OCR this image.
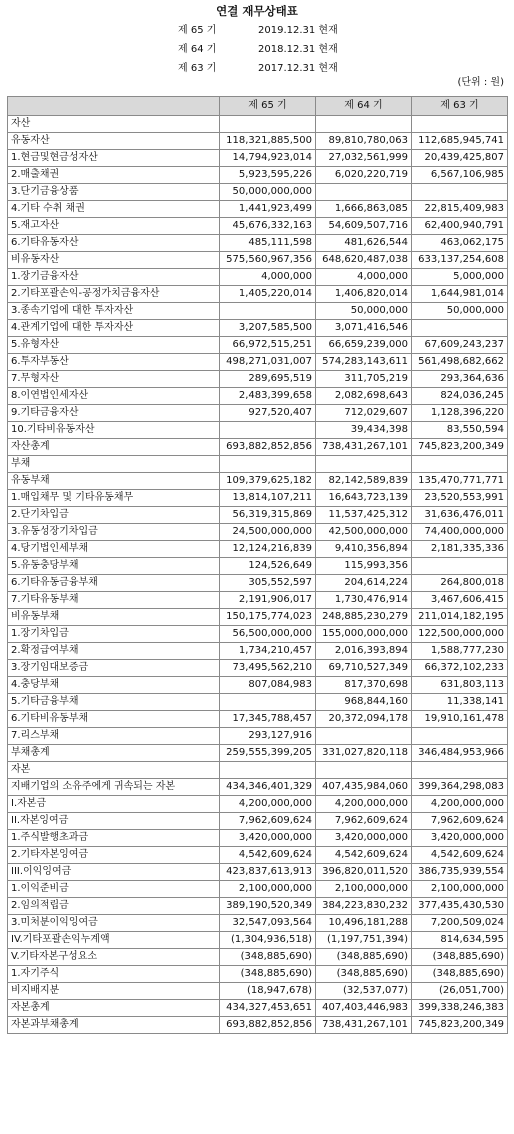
연결 재무상태표
제 65 기	2019.12.31 현재
제 64 기	2018.12.31 현재
제 63 기	2017.12.31 현재
(단위 : 원)
	제 65 기	제 64 기	제 63 기
자산			
유동자산	118,321,885,500	89,810,780,063	112,685,945,741
1.현금및현금성자산	14,794,923,014	27,032,561,999	20,439,425,807
2.매출채권	5,923,595,226	6,020,220,719	6,567,106,985
3.단기금융상품	50,000,000,000		
4.기타 수취 채권	1,441,923,499	1,666,863,085	22,815,409,983
5.재고자산	45,676,332,163	54,609,507,716	62,400,940,791
6.기타유동자산	485,111,598	481,626,544	463,062,175
비유동자산	575,560,967,356	648,620,487,038	633,137,254,608
1.장기금융자산	4,000,000	4,000,000	5,000,000
2.기타포괄손익-공정가치금융자산	1,405,220,014	1,406,820,014	1,644,981,014
3.종속기업에 대한 투자자산		50,000,000	50,000,000
4.관계기업에 대한 투자자산	3,207,585,500	3,071,416,546	
5.유형자산	66,972,515,251	66,659,239,000	67,609,243,237
6.투자부동산	498,271,031,007	574,283,143,611	561,498,682,662
7.무형자산	289,695,519	311,705,219	293,364,636
8.이연법인세자산	2,483,399,658	2,082,698,643	824,036,245
9.기타금융자산	927,520,407	712,029,607	1,128,396,220
10.기타비유동자산		39,434,398	83,550,594
자산총계	693,882,852,856	738,431,267,101	745,823,200,349
부채			
유동부채	109,379,625,182	82,142,589,839	135,470,771,771
1.매입채무 및 기타유동채무	13,814,107,211	16,643,723,139	23,520,553,991
2.단기차입금	56,319,315,869	11,537,425,312	31,636,476,011
3.유동성장기차입금	24,500,000,000	42,500,000,000	74,400,000,000
4.당기법인세부채	12,124,216,839	9,410,356,894	2,181,335,336
5.유동충당부채	124,526,649	115,993,356	
6.기타유동금융부채	305,552,597	204,614,224	264,800,018
7.기타유동부채	2,191,906,017	1,730,476,914	3,467,606,415
비유동부채	150,175,774,023	248,885,230,279	211,014,182,195
1.장기차입금	56,500,000,000	155,000,000,000	122,500,000,000
2.확정급여부채	1,734,210,457	2,016,393,894	1,588,777,230
3.장기임대보증금	73,495,562,210	69,710,527,349	66,372,102,233
4.충당부채	807,084,983	817,370,698	631,803,113
5.기타금융부채		968,844,160	11,338,141
6.기타비유동부채	17,345,788,457	20,372,094,178	19,910,161,478
7.리스부채	293,127,916		
부채총계	259,555,399,205	331,027,820,118	346,484,953,966
자본			
지배기업의 소유주에게 귀속되는 자본	434,346,401,329	407,435,984,060	399,364,298,083
I.자본금	4,200,000,000	4,200,000,000	4,200,000,000
II.자본잉여금	7,962,609,624	7,962,609,624	7,962,609,624
1.주식발행초과금	3,420,000,000	3,420,000,000	3,420,000,000
2.기타자본잉여금	4,542,609,624	4,542,609,624	4,542,609,624
III.이익잉여금	423,837,613,913	396,820,011,520	386,735,939,554
1.이익준비금	2,100,000,000	2,100,000,000	2,100,000,000
2.임의적립금	389,190,520,349	384,223,830,232	377,435,430,530
3.미처분이익잉여금	32,547,093,564	10,496,181,288	7,200,509,024
IV.기타포괄손익누계액	(1,304,936,518)	(1,197,751,394)	814,634,595
V.기타자본구성요소	(348,885,690)	(348,885,690)	(348,885,690)
1.자기주식	(348,885,690)	(348,885,690)	(348,885,690)
비지배지분	(18,947,678)	(32,537,077)	(26,051,700)
자본총계	434,327,453,651	407,403,446,983	399,338,246,383
자본과부채총계	693,882,852,856	738,431,267,101	745,823,200,349
